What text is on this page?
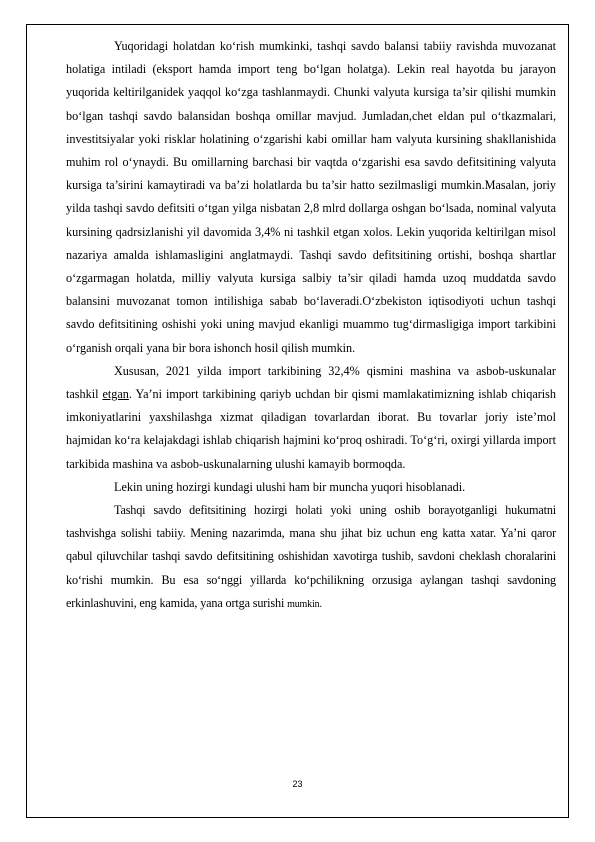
Yuqoridagi holatdan ko‘rish mumkinki, tashqi savdo balansi tabiiy ravishda muvozanat holatiga intiladi (eksport hamda import teng bo‘lgan holatga). Lekin real hayotda bu jarayon yuqorida keltirilganidek yaqqol ko‘zga tashlanmaydi. Chunki valyuta kursiga ta’sir qilishi mumkin bo‘lgan tashqi savdo balansidan boshqa omillar mavjud. Jumladan,chet eldan pul o‘tkazmalari, investitsiyalar yoki risklar holatining o‘zgarishi kabi omillar ham valyuta kursining shakllanishida muhim rol o‘ynaydi. Bu omillarning barchasi bir vaqtda o‘zgarishi esa savdo defitsitining valyuta kursiga ta’sirini kamaytiradi va ba’zi holatlarda bu ta’sir hatto sezilmasligi mumkin.Masalan, joriy yilda tashqi savdo defitsiti o‘tgan yilga nisbatan 2,8 mlrd dollarga oshgan bo‘lsada, nominal valyuta kursining qadrsizlanishi yil davomida 3,4% ni tashkil etgan xolos. Lekin yuqorida keltirilgan misol nazariya amalda ishlamasligini anglatmaydi. Tashqi savdo defitsitining ortishi, boshqa shartlar o‘zgarmagan holatda, milliy valyuta kursiga salbiy ta’sir qiladi hamda uzoq muddatda savdo balansini muvozanat tomon intilishiga sabab bo‘laveradi.O‘zbekiston iqtisodiyoti uchun tashqi savdo defitsitining oshishi yoki uning mavjud ekanligi muammo tug‘dirmasligiga import tarkibini o‘rganish orqali yana bir bora ishonch hosil qilish mumkin.

Xususan, 2021 yilda import tarkibining 32,4% qismini mashina va asbob-uskunalar tashkil etgan. Ya’ni import tarkibining qariyb uchdan bir qismi mamlakatimizning ishlab chiqarish imkoniyatlarini yaxshilashga xizmat qiladigan tovarlardan iborat. Bu tovarlar joriy iste’mol hajmidan ko‘ra kelajakdagi ishlab chiqarish hajmini ko‘proq oshiradi. To‘g‘ri, oxirgi yillarda import tarkibida mashina va asbob-uskunalarning ulushi kamayib bormoqda.

Lekin uning hozirgi kundagi ulushi ham bir muncha yuqori hisoblanadi.

Tashqi savdo defitsitining hozirgi holati yoki uning oshib borayotganligi hukumatni tashvishga solishi tabiiy. Mening nazarimda, mana shu jihat biz uchun eng katta xatar. Ya’ni qaror qabul qiluvchilar tashqi savdo defitsitining oshishidan xavotirga tushib, savdoni cheklash choralarini ko‘rishi mumkin. Bu esa so‘nggi yillarda ko‘pchilikning orzusiga aylangan tashqi savdoning erkinlashuvini, eng kamida, yana ortga surishi mumkin.

23
